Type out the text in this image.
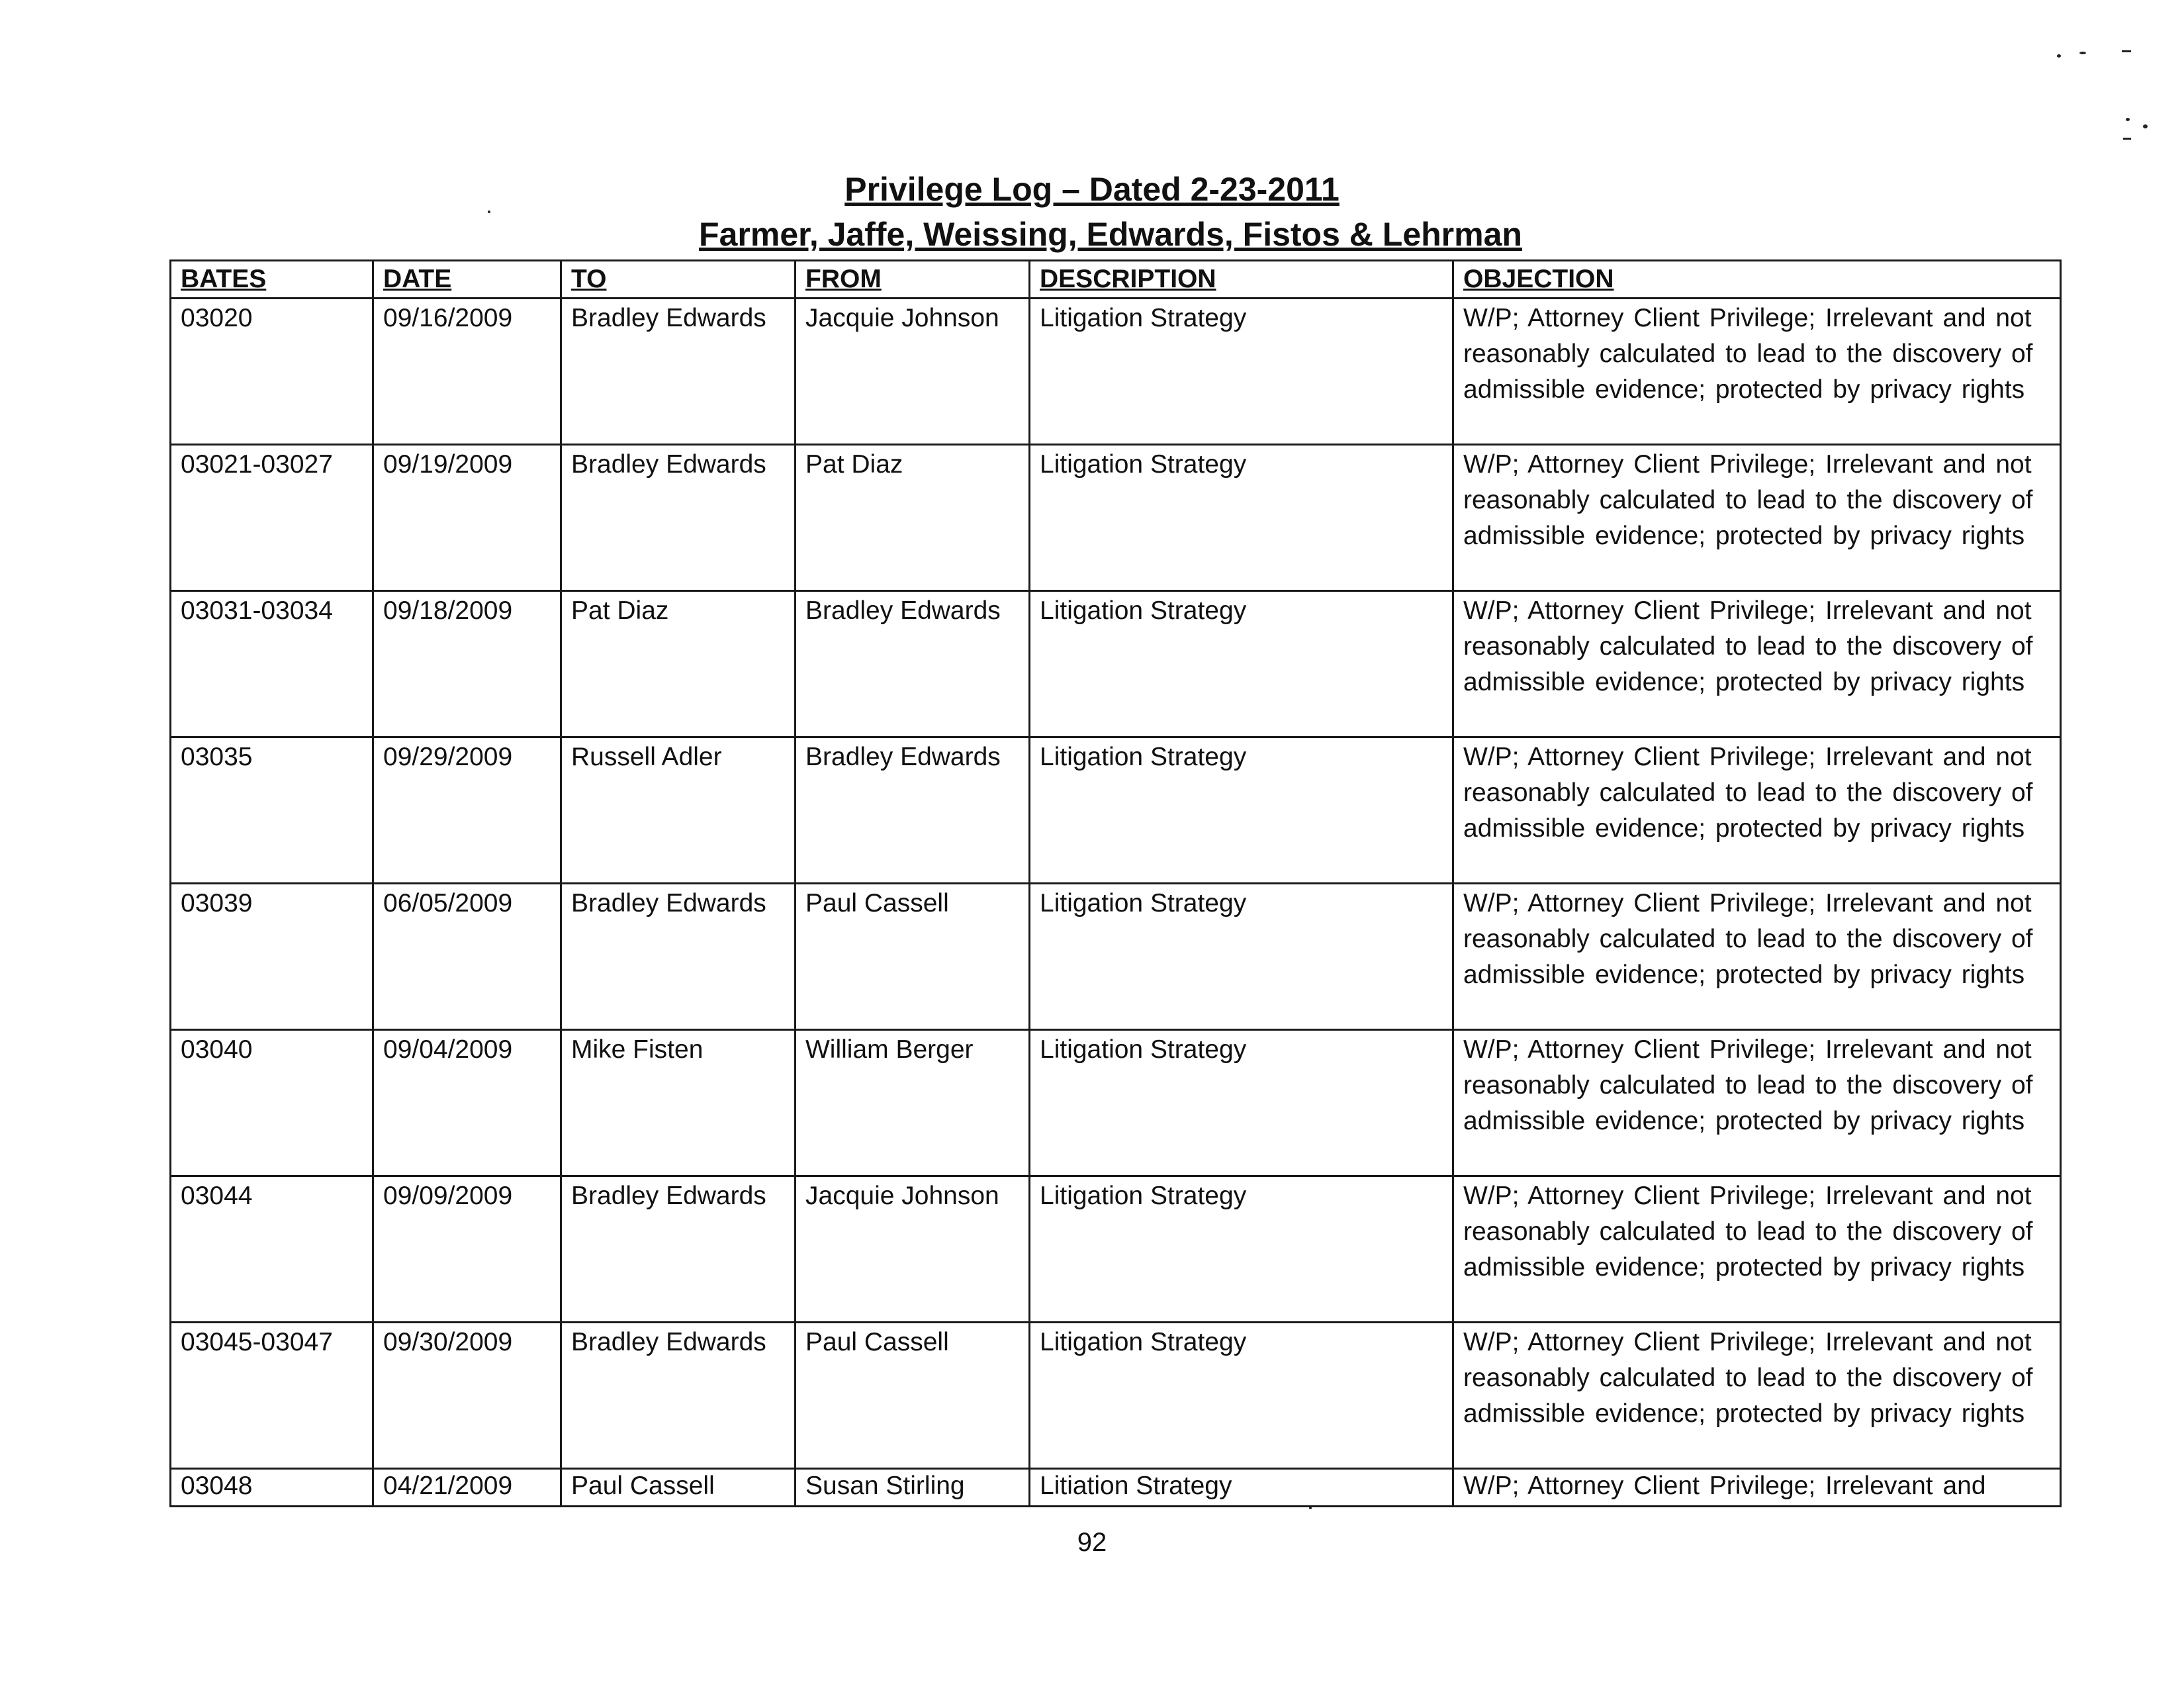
Privilege Log – Dated 2-23-2011
Farmer, Jaffe, Weissing, Edwards, Fistos & Lehrman
BATES	DATE	TO	FROM	DESCRIPTION	OBJECTION
03020	09/16/2009	Bradley Edwards	Jacquie Johnson	Litigation Strategy	W/P; Attorney Client Privilege; Irrelevant and not reasonably calculated to lead to the discovery of admissible evidence; protected by privacy rights
03021-03027	09/19/2009	Bradley Edwards	Pat Diaz	Litigation Strategy	W/P; Attorney Client Privilege; Irrelevant and not reasonably calculated to lead to the discovery of admissible evidence; protected by privacy rights
03031-03034	09/18/2009	Pat Diaz	Bradley Edwards	Litigation Strategy	W/P; Attorney Client Privilege; Irrelevant and not reasonably calculated to lead to the discovery of admissible evidence; protected by privacy rights
03035	09/29/2009	Russell Adler	Bradley Edwards	Litigation Strategy	W/P; Attorney Client Privilege; Irrelevant and not reasonably calculated to lead to the discovery of admissible evidence; protected by privacy rights
03039	06/05/2009	Bradley Edwards	Paul Cassell	Litigation Strategy	W/P; Attorney Client Privilege; Irrelevant and not reasonably calculated to lead to the discovery of admissible evidence; protected by privacy rights
03040	09/04/2009	Mike Fisten	William Berger	Litigation Strategy	W/P; Attorney Client Privilege; Irrelevant and not reasonably calculated to lead to the discovery of admissible evidence; protected by privacy rights
03044	09/09/2009	Bradley Edwards	Jacquie Johnson	Litigation Strategy	W/P; Attorney Client Privilege; Irrelevant and not reasonably calculated to lead to the discovery of admissible evidence; protected by privacy rights
03045-03047	09/30/2009	Bradley Edwards	Paul Cassell	Litigation Strategy	W/P; Attorney Client Privilege; Irrelevant and not reasonably calculated to lead to the discovery of admissible evidence; protected by privacy rights
03048	04/21/2009	Paul Cassell	Susan Stirling	Litiation Strategy	W/P; Attorney Client Privilege; Irrelevant and
92
